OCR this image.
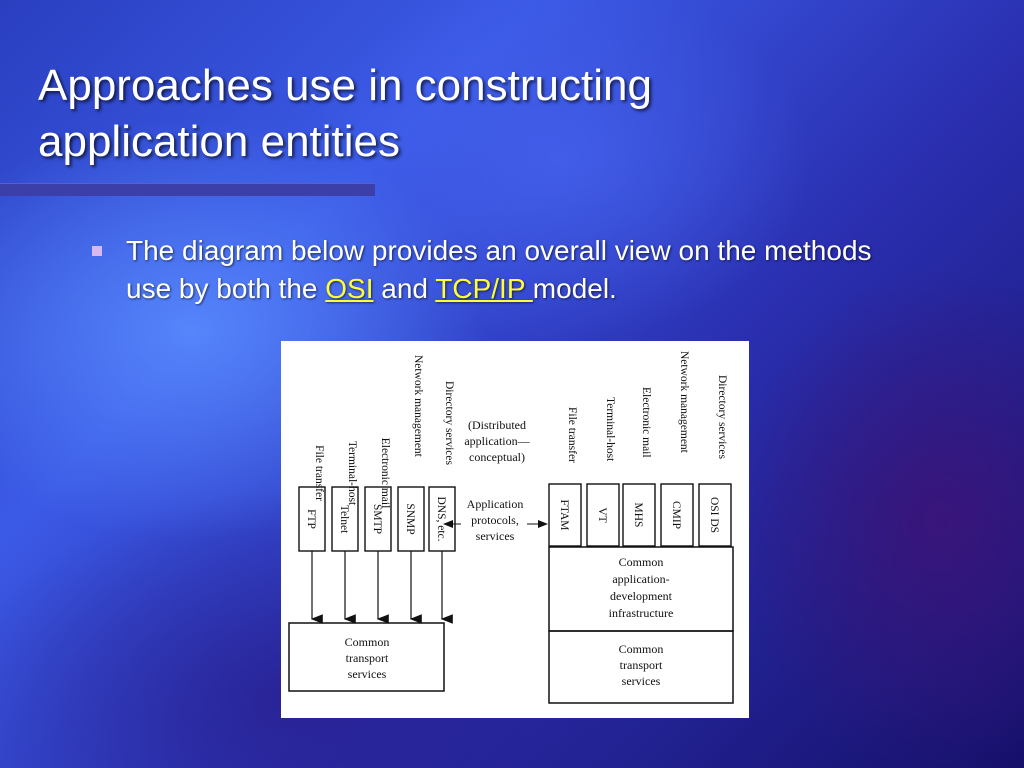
Approaches use in constructing
application entities
The diagram below provides an overall view on the methods use by both the OSI and TCP/IP model.
File transfer Terminal-host Electronic mail
Network management Directory services
FTP Telnet SMTP SNMP DNS, etc.
Common
transport
services
(Distributed
application—
conceptual)
Application
protocols,
services
File transfer Terminal-host Electronic mail Network management Directory services
FTAM VT MHS CMIP OSI DS
Common
application-
development
infrastructure
Common
transport
services
